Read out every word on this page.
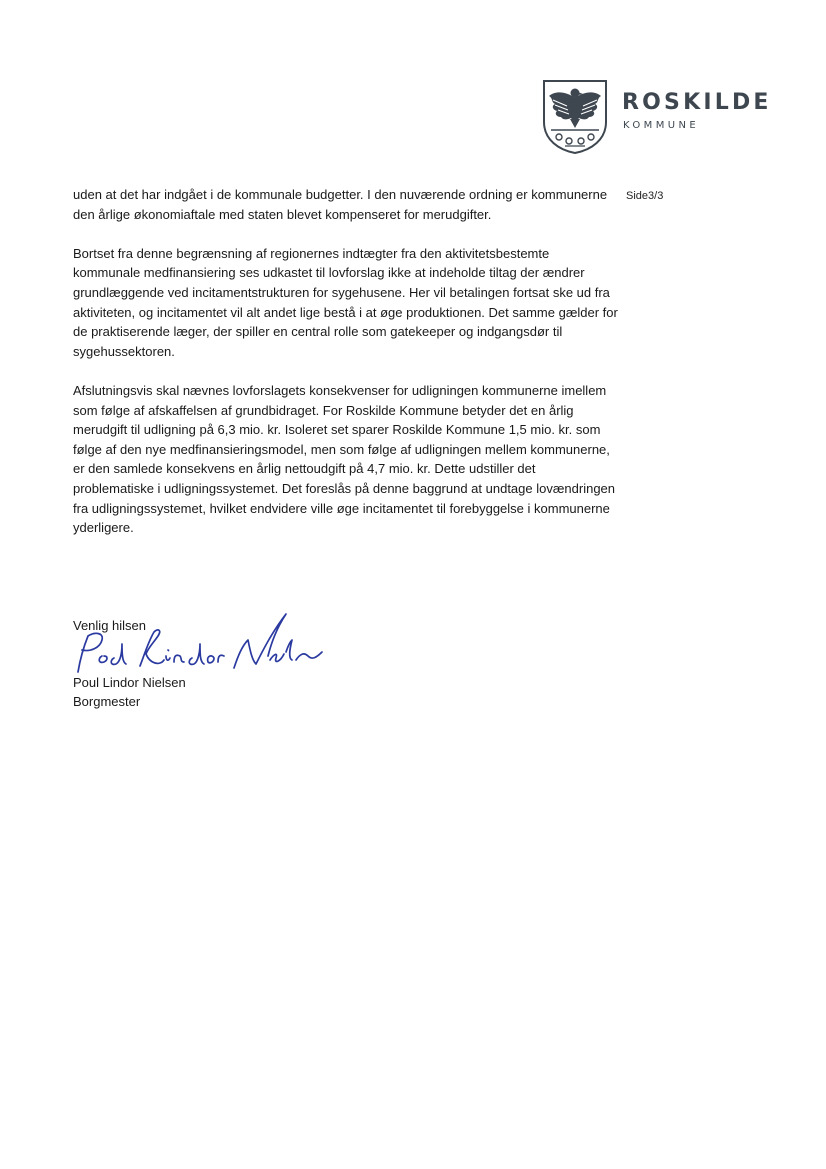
ROSKILDE
KOMMUNE
Side3/3

uden at det har indgået i de kommunale budgetter. I den nuværende ordning er kommunerne den årlige økonomiaftale med staten blevet kompenseret for merudgifter.

Bortset fra denne begrænsning af regionernes indtægter fra den aktivitetsbestemte kommunale medfinansiering ses udkastet til lovforslag ikke at indeholde tiltag der ændrer grundlæggende ved incitamentstrukturen for sygehusene. Her vil betalingen fortsat ske ud fra aktiviteten, og incitamentet vil alt andet lige bestå i at øge produktionen. Det samme gælder for de praktiserende læger, der spiller en central rolle som gatekeeper og indgangsdør til sygehussektoren.

Afslutningsvis skal nævnes lovforslagets konsekvenser for udligningen kommunerne imellem som følge af afskaffelsen af grundbidraget. For Roskilde Kommune betyder det en årlig merudgift til udligning på 6,3 mio. kr. Isoleret set sparer Roskilde Kommune 1,5 mio. kr. som følge af den nye medfinansieringsmodel, men som følge af udligningen mellem kommunerne, er den samlede konsekvens en årlig nettoudgift på 4,7 mio. kr. Dette udstiller det problematiske i udligningssystemet. Det foreslås på denne baggrund at undtage lovændringen fra udligningssystemet, hvilket endvidere ville øge incitamentet til forebyggelse i kommunerne yderligere.

Venlig hilsen
Poul Lindor Nielsen
Borgmester
